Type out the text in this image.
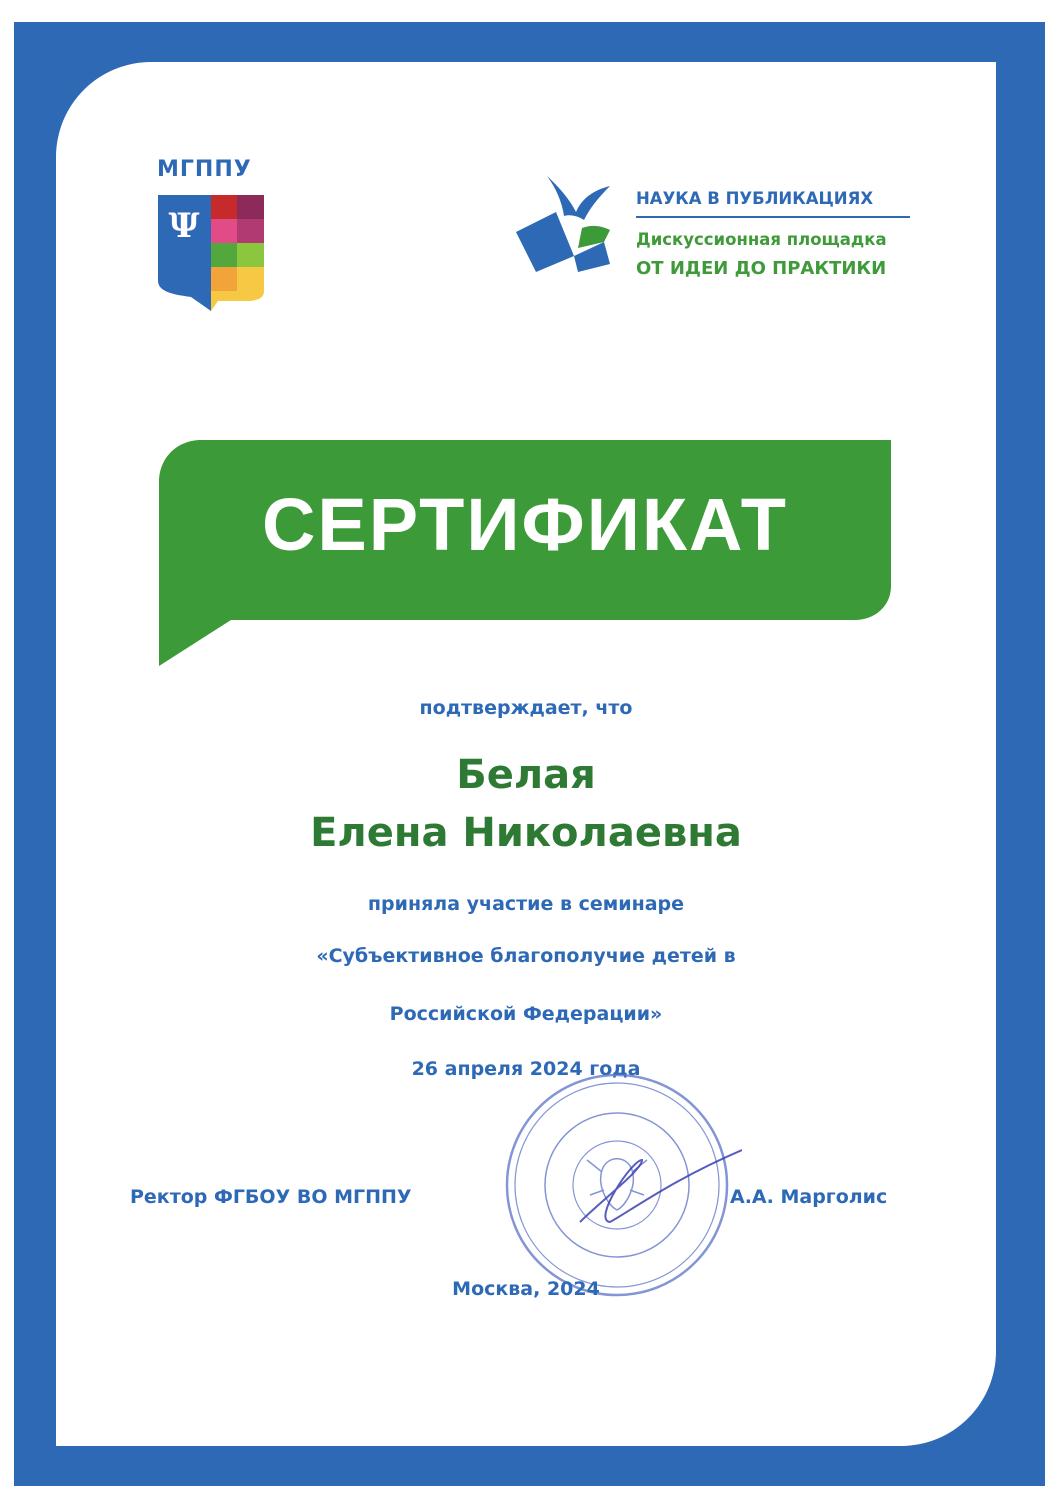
МГППУ
Ψ
НАУКА В ПУБЛИКАЦИЯХ
Дискуссионная площадка
ОТ ИДЕИ ДО ПРАКТИКИ
СЕРТИФИКАТ
подтверждает, что
Белая
Елена Николаевна
приняла участие в семинаре
«Субъективное благополучие детей в
Российской Федерации»
26 апреля 2024 года
Ректор ФГБОУ ВО МГППУ	А.А. Марголис
Москва, 2024
